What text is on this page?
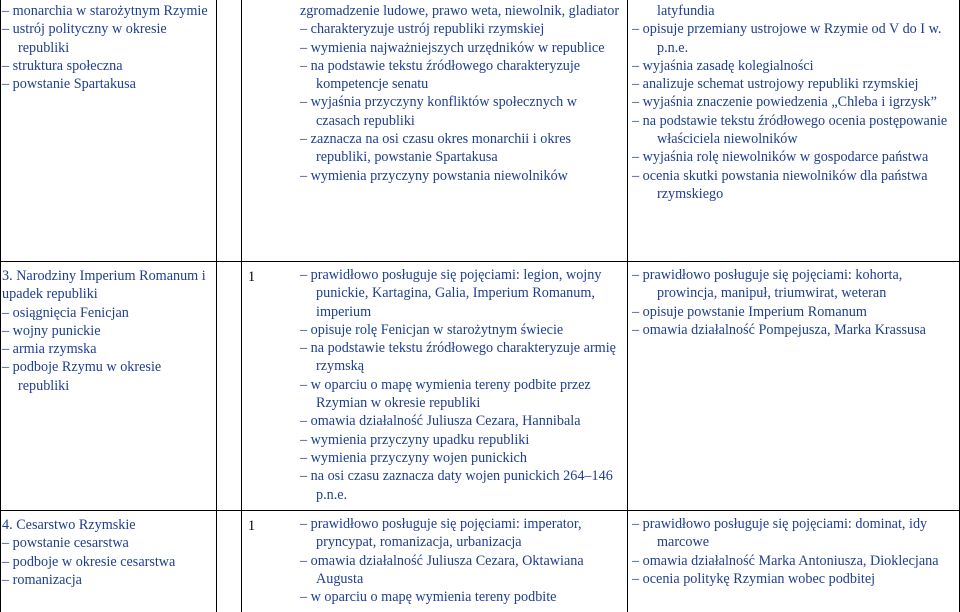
– monarchia w starożytnym Rzymie

– ustrój polityczny w okresie republiki

– struktura społeczna

– powstanie Spartakusa

3. Narodziny Imperium Romanum i upadek republiki

– osiągnięcia Fenicjan

– wojny punickie

– armia rzymska

– podboje Rzymu w okresie republiki

4. Cesarstwo Rzymskie

– powstanie cesarstwa

– podboje w okresie cesarstwa

– romanizacja

1
1

zgromadzenie ludowe, prawo weta, niewolnik, gladiator

– charakteryzuje ustrój republiki rzymskiej

– wymienia najważniejszych urzędników w republice

– na podstawie tekstu źródłowego charakteryzuje kompetencje senatu

– wyjaśnia przyczyny konfliktów społecznych w czasach republiki

– zaznacza na osi czasu okres monarchii i okres republiki, powstanie Spartakusa

– wymienia przyczyny powstania niewolników

– prawidłowo posługuje się pojęciami: legion, wojny punickie, Kartagina, Galia, Imperium Romanum, imperium

– opisuje rolę Fenicjan w starożytnym świecie

– na podstawie tekstu źródłowego charakteryzuje armię rzymską

– w oparciu o mapę wymienia tereny podbite przez Rzymian w okresie republiki

– omawia działalność Juliusza Cezara, Hannibala

– wymienia przyczyny upadku republiki

– wymienia przyczyny wojen punickich

– na osi czasu zaznacza daty wojen punickich 264–146 p.n.e.

– prawidłowo posługuje się pojęciami: imperator, pryncypat, romanizacja, urbanizacja

– omawia działalność Juliusza Cezara, Oktawiana Augusta

– w oparciu o mapę wymienia tereny podbite

latyfundia

– opisuje przemiany ustrojowe w Rzymie od V do I w. p.n.e.

– wyjaśnia zasadę kolegialności

– analizuje schemat ustrojowy republiki rzymskiej

– wyjaśnia znaczenie powiedzenia „Chleba i igrzysk”

– na podstawie tekstu źródłowego ocenia postępowanie właściciela niewolników

– wyjaśnia rolę niewolników w gospodarce państwa

– ocenia skutki powstania niewolników dla państwa rzymskiego

– prawidłowo posługuje się pojęciami: kohorta, prowincja, manipuł, triumwirat, weteran

– opisuje powstanie Imperium Romanum

– omawia działalność Pompejusza, Marka Krassusa

– prawidłowo posługuje się pojęciami: dominat, idy marcowe

– omawia działalność Marka Antoniusza, Dioklecjana

– ocenia politykę Rzymian wobec podbitej
